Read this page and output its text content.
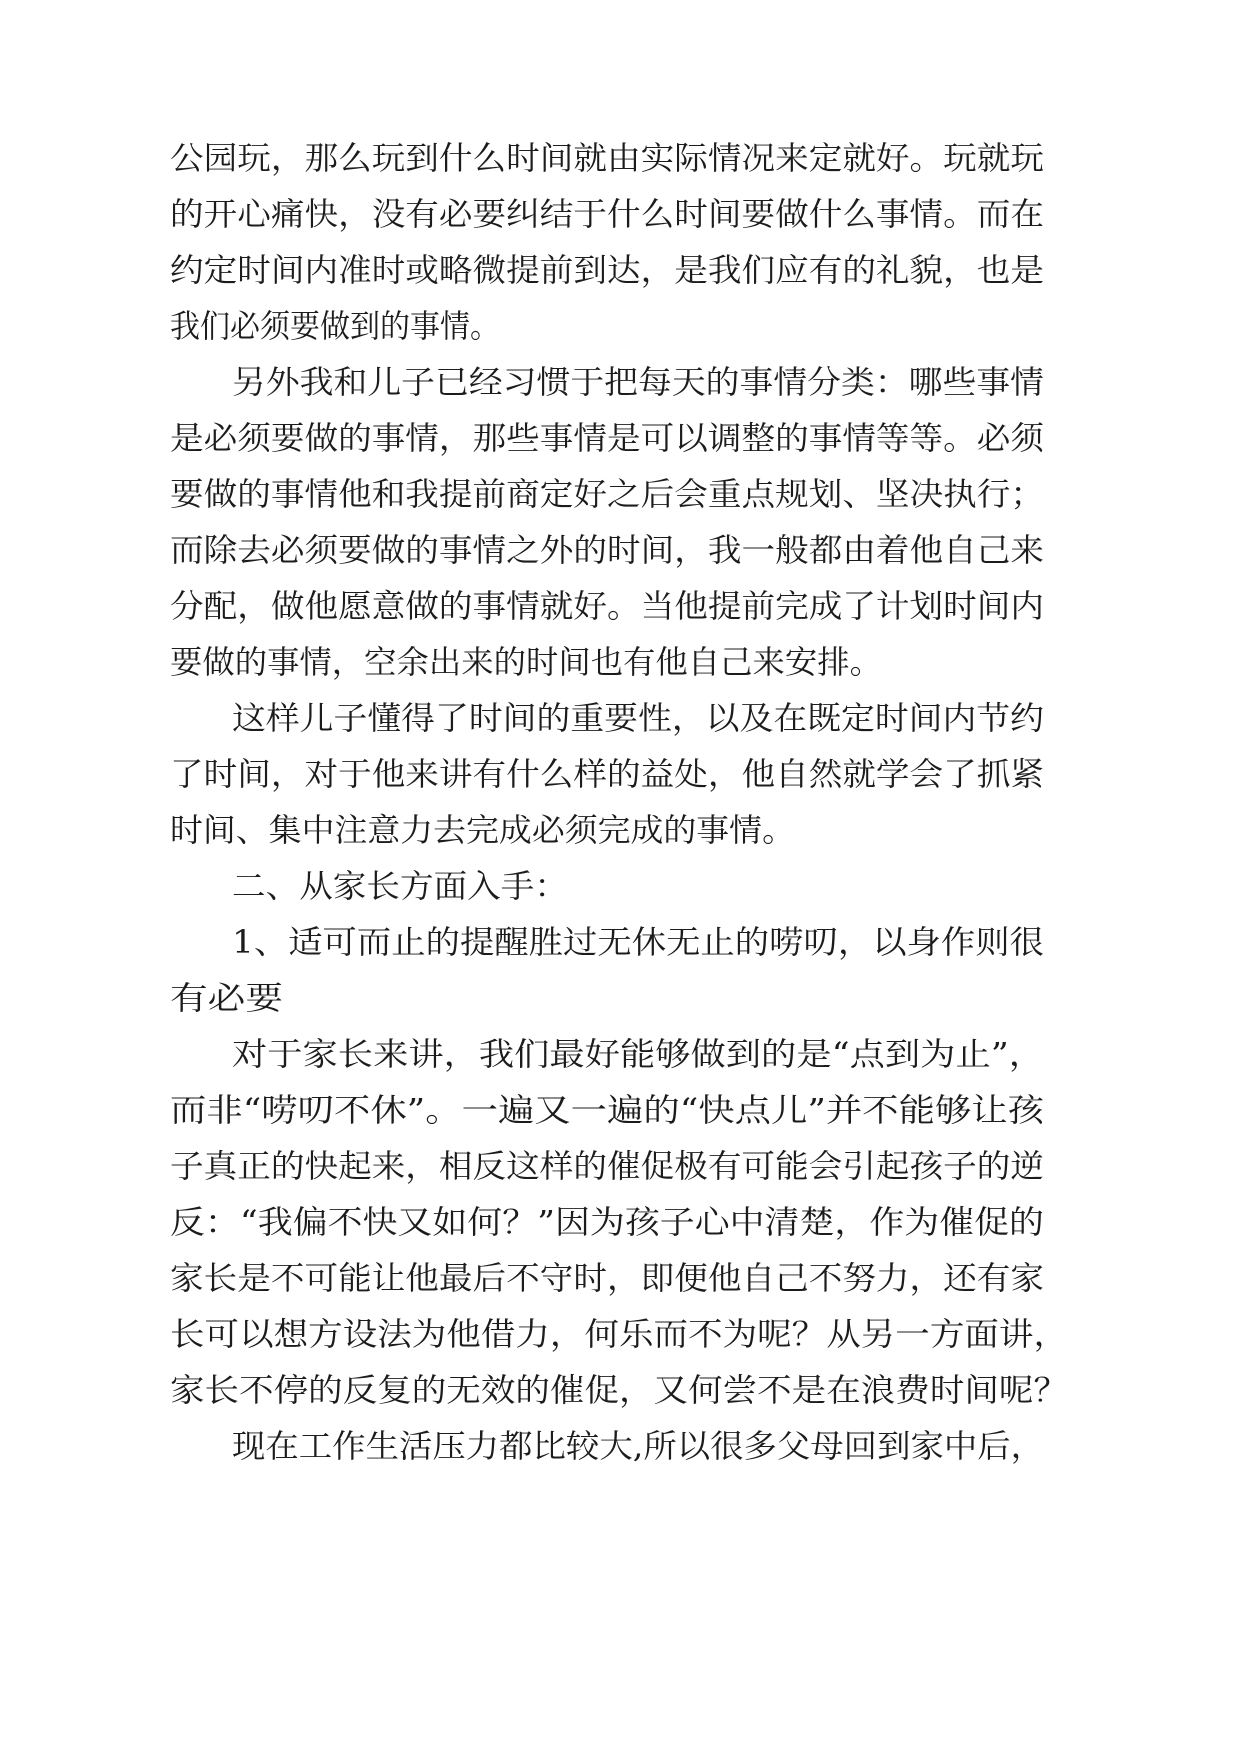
公园玩，那么玩到什么时间就由实际情况来定就好。玩就玩
的开心痛快，没有必要纠结于什么时间要做什么事情。而在
约定时间内准时或略微提前到达，是我们应有的礼貌，也是
我们必须要做到的事情。
另外我和儿子已经习惯于把每天的事情分类：哪些事情
是必须要做的事情，那些事情是可以调整的事情等等。必须
要做的事情他和我提前商定好之后会重点规划、坚决执行；
而除去必须要做的事情之外的时间，我一般都由着他自己来
分配，做他愿意做的事情就好。当他提前完成了计划时间内
要做的事情，空余出来的时间也有他自己来安排。
这样儿子懂得了时间的重要性，以及在既定时间内节约
了时间，对于他来讲有什么样的益处，他自然就学会了抓紧
时间、集中注意力去完成必须完成的事情。
二、从家长方面入手：
1、适可而止的提醒胜过无休无止的唠叨，以身作则很
有必要
对于家长来讲，我们最好能够做到的是“点到为止”，
而非“唠叨不休”。一遍又一遍的“快点儿”并不能够让孩
子真正的快起来，相反这样的催促极有可能会引起孩子的逆
反：“我偏不快又如何？”因为孩子心中清楚，作为催促的
家长是不可能让他最后不守时，即便他自己不努力，还有家
长可以想方设法为他借力，何乐而不为呢？从另一方面讲，
家长不停的反复的无效的催促，又何尝不是在浪费时间呢？
现在工作生活压力都比较大,所以很多父母回到家中后，
